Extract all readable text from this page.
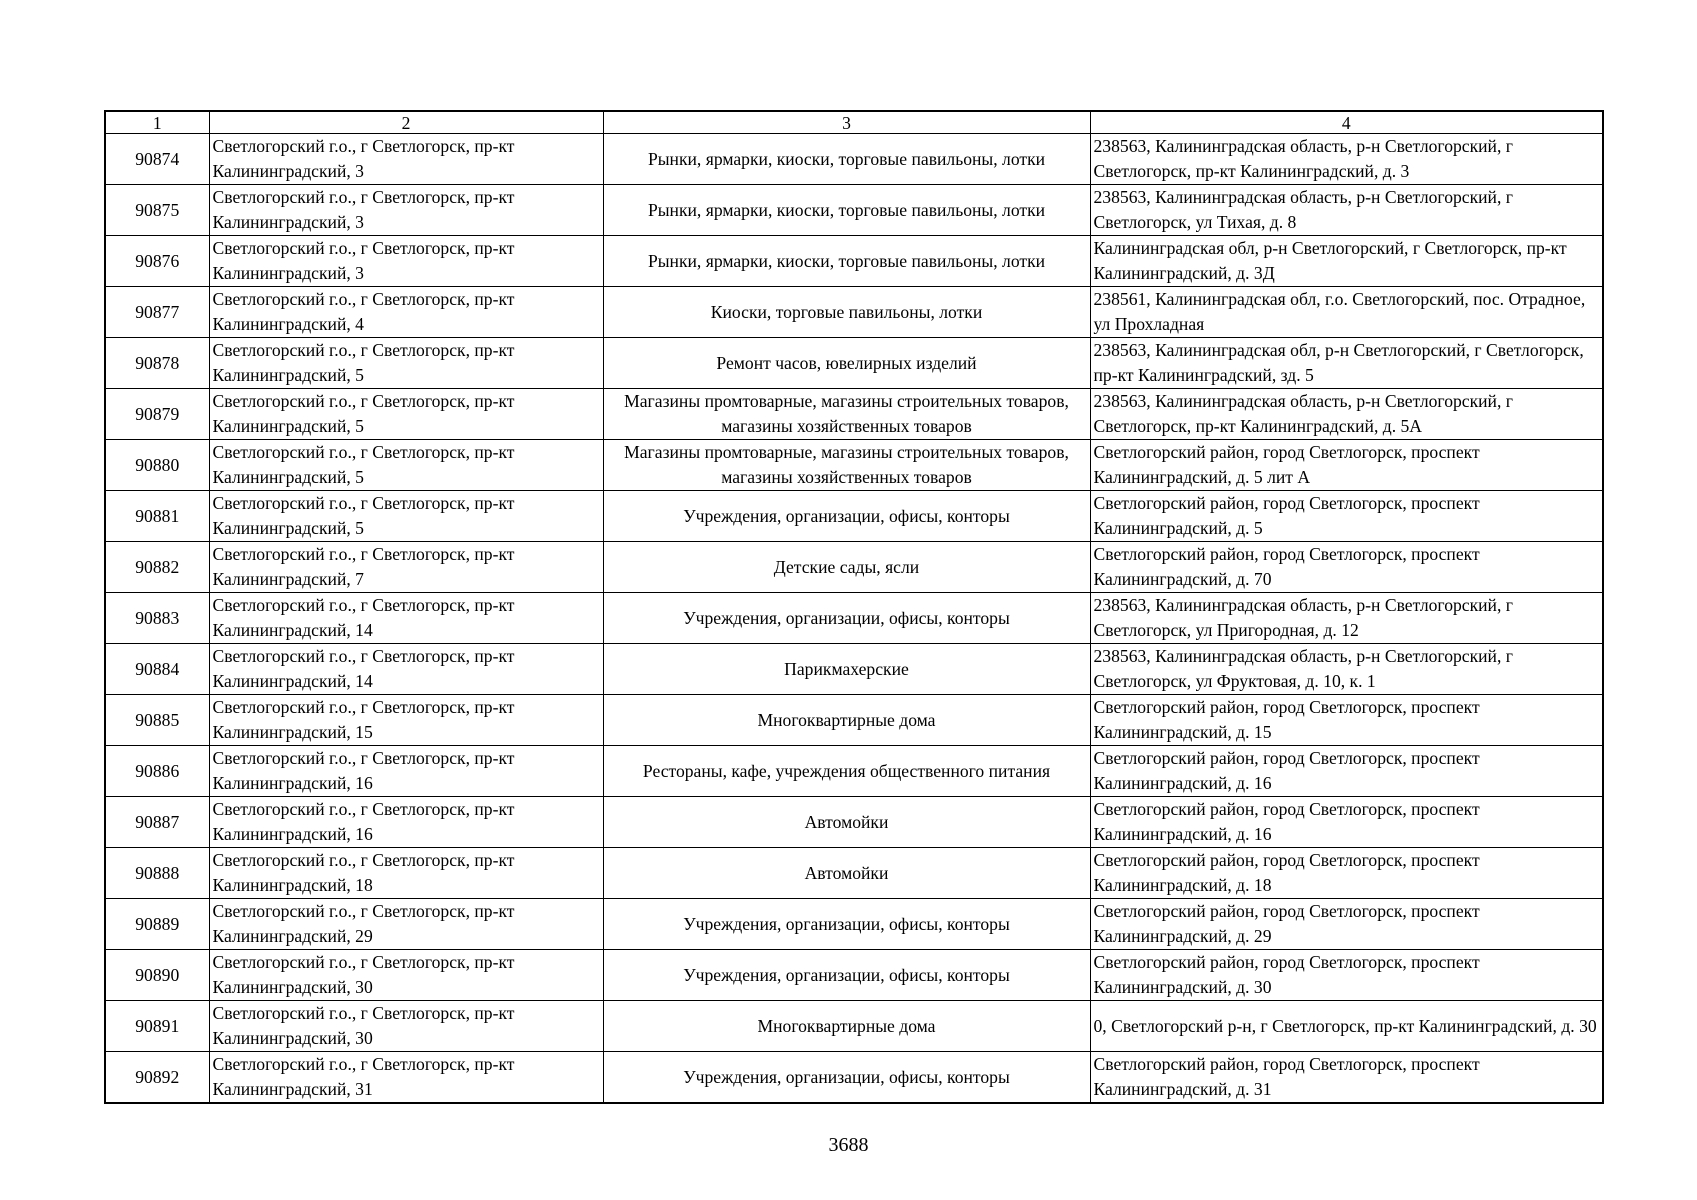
1	2	3	4
90874	Светлогорский г.о., г Светлогорск, пр-кт Калининградский, 3	Рынки, ярмарки, киоски, торговые павильоны, лотки	238563, Калининградская область, р-н Светлогорский, г Светлогорск, пр-кт Калининградский, д. 3
90875	Светлогорский г.о., г Светлогорск, пр-кт Калининградский, 3	Рынки, ярмарки, киоски, торговые павильоны, лотки	238563, Калининградская область, р-н Светлогорский, г Светлогорск, ул Тихая, д. 8
90876	Светлогорский г.о., г Светлогорск, пр-кт Калининградский, 3	Рынки, ярмарки, киоски, торговые павильоны, лотки	Калининградская обл, р-н Светлогорский, г Светлогорск, пр-кт Калининградский, д. 3Д
90877	Светлогорский г.о., г Светлогорск, пр-кт Калининградский, 4	Киоски, торговые павильоны, лотки	238561, Калининградская обл, г.о. Светлогорский, пос. Отрадное, ул Прохладная
90878	Светлогорский г.о., г Светлогорск, пр-кт Калининградский, 5	Ремонт часов, ювелирных изделий	238563, Калининградская обл, р-н Светлогорский, г Светлогорск, пр-кт Калининградский, зд. 5
90879	Светлогорский г.о., г Светлогорск, пр-кт Калининградский, 5	Магазины промтоварные, магазины строительных товаров, магазины хозяйственных товаров	238563, Калининградская область, р-н Светлогорский, г Светлогорск, пр-кт Калининградский, д. 5А
90880	Светлогорский г.о., г Светлогорск, пр-кт Калининградский, 5	Магазины промтоварные, магазины строительных товаров, магазины хозяйственных товаров	Светлогорский район, город Светлогорск, проспект Калининградский, д. 5 лит А
90881	Светлогорский г.о., г Светлогорск, пр-кт Калининградский, 5	Учреждения, организации, офисы, конторы	Светлогорский район, город Светлогорск, проспект Калининградский, д. 5
90882	Светлогорский г.о., г Светлогорск, пр-кт Калининградский, 7	Детские сады, ясли	Светлогорский район, город Светлогорск, проспект Калининградский, д. 70
90883	Светлогорский г.о., г Светлогорск, пр-кт Калининградский, 14	Учреждения, организации, офисы, конторы	238563, Калининградская область, р-н Светлогорский, г Светлогорск, ул Пригородная, д. 12
90884	Светлогорский г.о., г Светлогорск, пр-кт Калининградский, 14	Парикмахерские	238563, Калининградская область, р-н Светлогорский, г Светлогорск, ул Фруктовая, д. 10, к. 1
90885	Светлогорский г.о., г Светлогорск, пр-кт Калининградский, 15	Многоквартирные дома	Светлогорский район, город Светлогорск, проспект Калининградский, д. 15
90886	Светлогорский г.о., г Светлогорск, пр-кт Калининградский, 16	Рестораны, кафе, учреждения общественного питания	Светлогорский район, город Светлогорск, проспект Калининградский, д. 16
90887	Светлогорский г.о., г Светлогорск, пр-кт Калининградский, 16	Автомойки	Светлогорский район, город Светлогорск, проспект Калининградский, д. 16
90888	Светлогорский г.о., г Светлогорск, пр-кт Калининградский, 18	Автомойки	Светлогорский район, город Светлогорск, проспект Калининградский, д. 18
90889	Светлогорский г.о., г Светлогорск, пр-кт Калининградский, 29	Учреждения, организации, офисы, конторы	Светлогорский район, город Светлогорск, проспект Калининградский, д. 29
90890	Светлогорский г.о., г Светлогорск, пр-кт Калининградский, 30	Учреждения, организации, офисы, конторы	Светлогорский район, город Светлогорск, проспект Калининградский, д. 30
90891	Светлогорский г.о., г Светлогорск, пр-кт Калининградский, 30	Многоквартирные дома	0, Светлогорский р-н, г Светлогорск, пр-кт Калининградский, д. 30
90892	Светлогорский г.о., г Светлогорск, пр-кт Калининградский, 31	Учреждения, организации, офисы, конторы	Светлогорский район, город Светлогорск, проспект Калининградский, д. 31
3688
